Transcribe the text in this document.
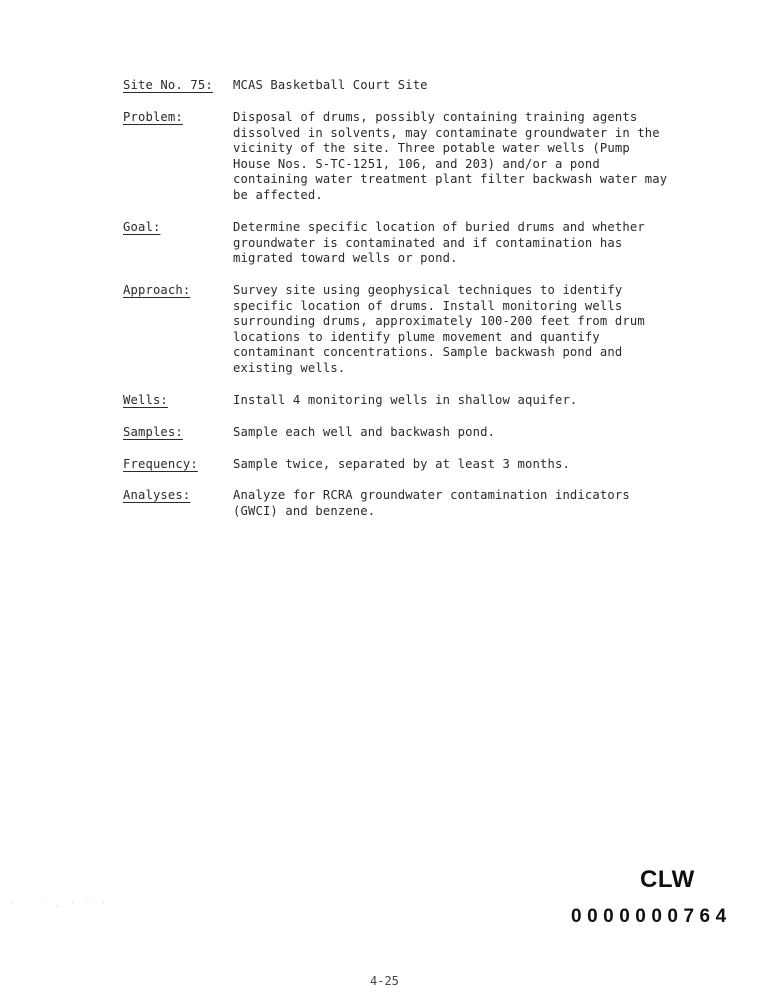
Site No. 75:	MCAS Basketball Court Site
Problem:	Disposal of drums, possibly containing training agents
dissolved in solvents, may contaminate groundwater in the
vicinity of the site. Three potable water wells (Pump
House Nos. S-TC-1251, 106, and 203) and/or a pond
containing water treatment plant filter backwash water may
be affected.
Goal:	Determine specific location of buried drums and whether
groundwater is contaminated and if contamination has
migrated toward wells or pond.
Approach:	Survey site using geophysical techniques to identify
specific location of drums. Install monitoring wells
surrounding drums, approximately 100-200 feet from drum
locations to identify plume movement and quantify
contaminant concentrations. Sample backwash pond and
existing wells.
Wells:	Install 4 monitoring wells in shallow aquifer.
Samples:	Sample each well and backwash pond.
Frequency:	Sample twice, separated by at least 3 months.
Analyses:	Analyze for RCRA groundwater contamination indicators
(GWCI) and benzene.
·   ˙ . · ˙ ·
CLW
0000000764
4-25
